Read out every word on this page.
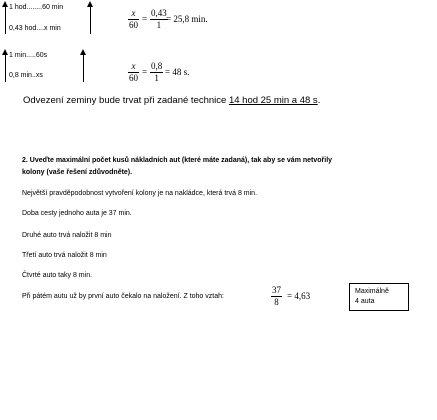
1 hod........60 min
0,43 hod....x min
x
60
=
0,43
1
= 25,8 min.
1 min.....60s
0,8 min..xs
x
60
=
0,8
1
= 48 s.
Odvezení zeminy bude trvat při zadané technice 14 hod 25 min a 48 s.
2. Uveďte maximální počet kusů nákladních aut (které máte zadaná), tak aby se vám netvořily
kolony (vaše řešení zdůvodněte).
Největší pravděpodobnost vytvoření kolony je na nakládce, která trvá 8 min.
Doba cesty jednoho auta je 37 min.
Druhé auto trvá naložit 8 min
Třetí auto trvá naložit 8 min
Čtvrté auto taky 8 min.
Při pátém autu už by první auto čekalo na naložení. Z toho vztah:
37
8
= 4,63	Maximálně
4 auta
